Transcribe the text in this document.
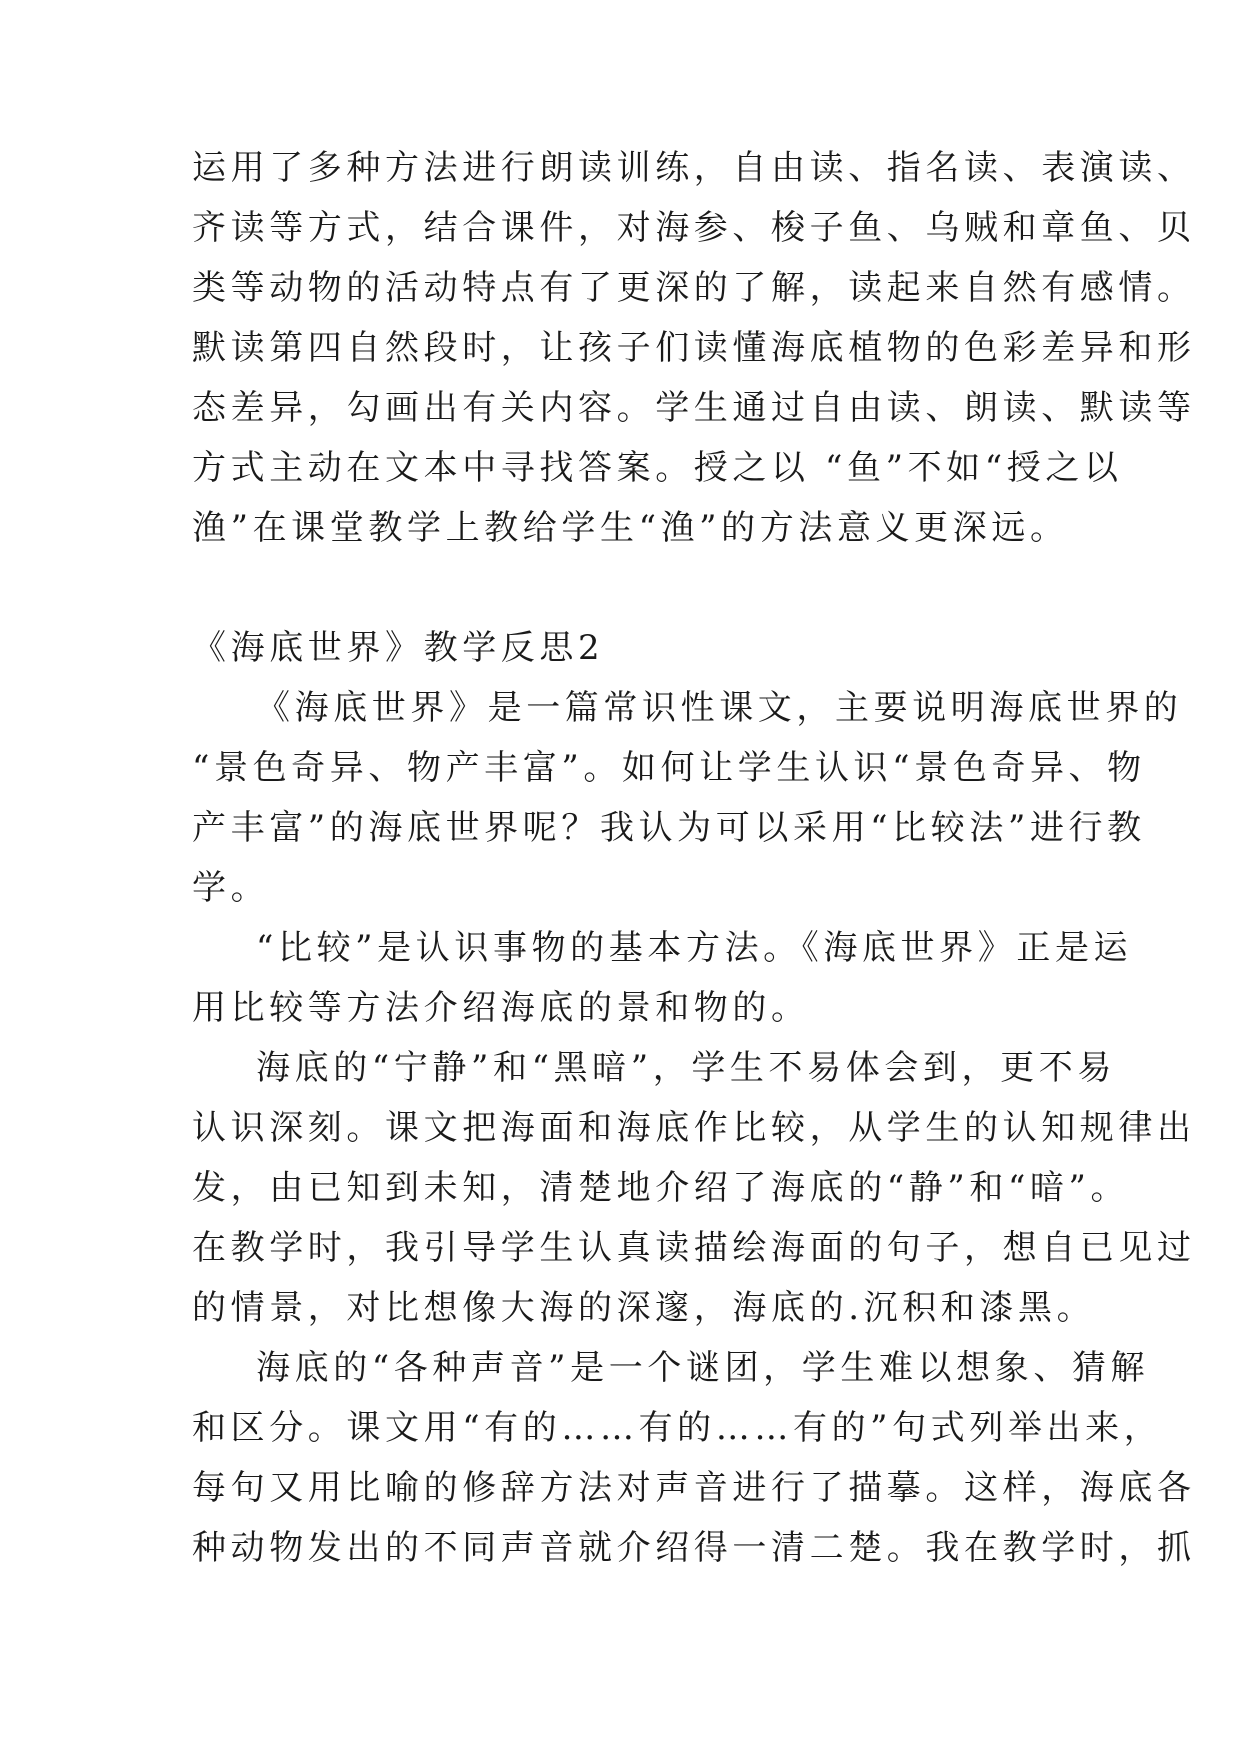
运用了多种方法进行朗读训练，自由读、指名读、表演读、
齐读等方式，结合课件，对海参、梭子鱼、乌贼和章鱼、贝
类等动物的活动特点有了更深的了解，读起来自然有感情。
默读第四自然段时，让孩子们读懂海底植物的色彩差异和形
态差异，勾画出有关内容。学生通过自由读、朗读、默读等
方式主动在文本中寻找答案。授之以 “鱼”不如“授之以
渔”在课堂教学上教给学生“渔”的方法意义更深远。
《海底世界》教学反思2
《海底世界》是一篇常识性课文，主要说明海底世界的
“景色奇异、物产丰富”。如何让学生认识“景色奇异、物
产丰富”的海底世界呢？我认为可以采用“比较法”进行教
学。
“比较”是认识事物的基本方法。《海底世界》正是运
用比较等方法介绍海底的景和物的。
海底的“宁静”和“黑暗”，学生不易体会到，更不易
认识深刻。课文把海面和海底作比较，从学生的认知规律出
发，由已知到未知，清楚地介绍了海底的“静”和“暗”。
在教学时，我引导学生认真读描绘海面的句子，想自已见过
的情景，对比想像大海的深邃，海底的.沉积和漆黑。
海底的“各种声音”是一个谜团，学生难以想象、猜解
和区分。课文用“有的……有的……有的”句式列举出来，
每句又用比喻的修辞方法对声音进行了描摹。这样，海底各
种动物发出的不同声音就介绍得一清二楚。我在教学时，抓
